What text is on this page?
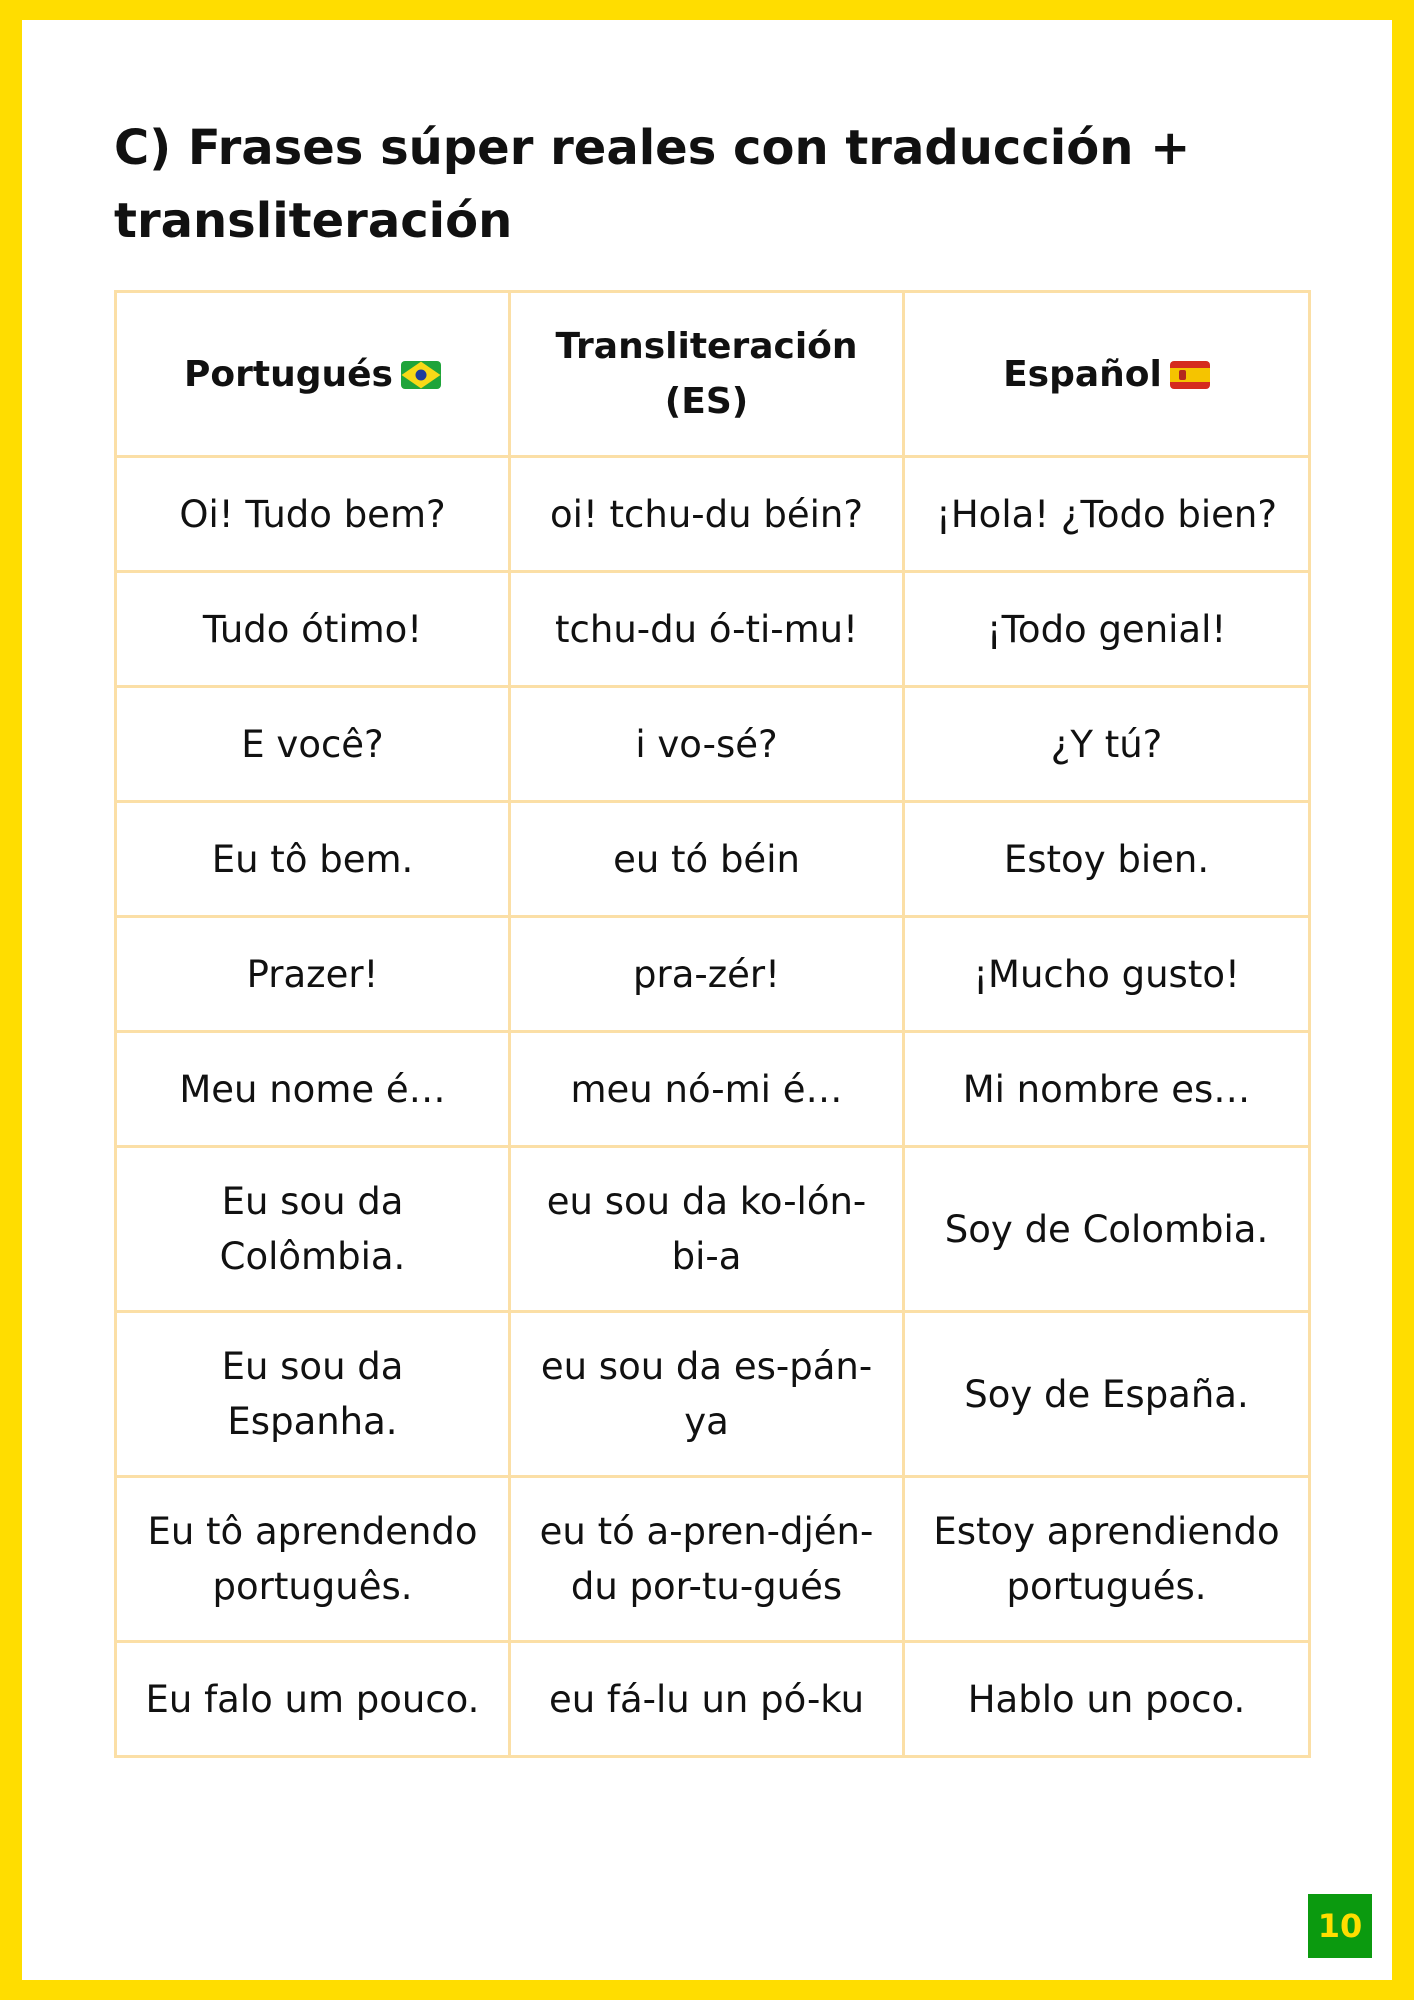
C) Frases súper reales con traducción + transliteración
Portugués	Transliteración (ES)	Español

Oi! Tudo bem?	oi! tchu-du béin?	¡Hola! ¿Todo bien?
Tudo ótimo!	tchu-du ó-ti-mu!	¡Todo genial!
E você?	i vo-sé?	¿Y tú?
Eu tô bem.	eu tó béin	Estoy bien.
Prazer!	pra-zér!	¡Mucho gusto!
Meu nome é…	meu nó-mi é…	Mi nombre es…
Eu sou da Colômbia.	eu sou da ko-lón-bi-a	Soy de Colombia.
Eu sou da Espanha.	eu sou da es-pán-ya	Soy de España.
Eu tô aprendendo português.	eu tó a-pren-djén-du por-tu-gués	Estoy aprendiendo portugués.
Eu falo um pouco.	eu fá-lu un pó-ku	Hablo un poco.
10
